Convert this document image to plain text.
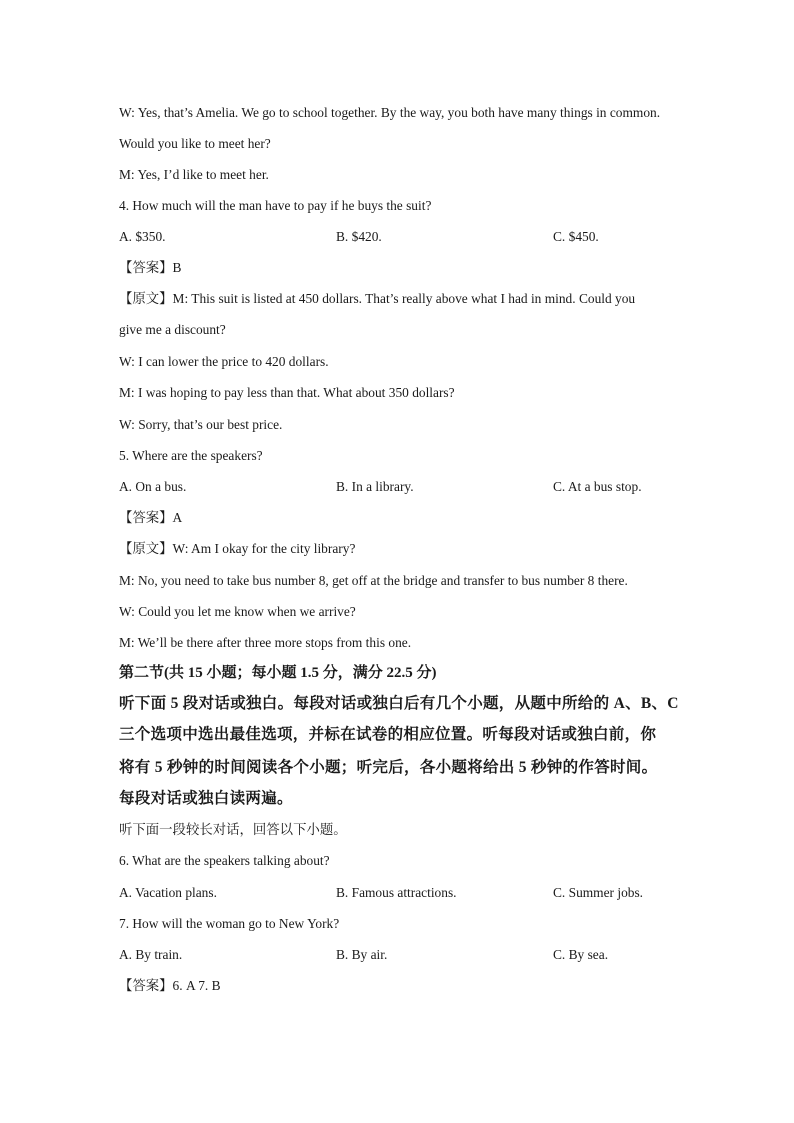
W: Yes, that’s Amelia. We go to school together. By the way, you both have many things in common.
Would you like to meet her?
M: Yes, I’d like to meet her.
4. How much will the man have to pay if he buys the suit?
A. $350.	B. $420.	C. $450.
【答案】B
【原文】M: This suit is listed at 450 dollars. That’s really above what I had in mind. Could you
give me a discount?
W: I can lower the price to 420 dollars.
M: I was hoping to pay less than that. What about 350 dollars?
W: Sorry, that’s our best price.
5. Where are the speakers?
A. On a bus.	B. In a library.	C. At a bus stop.
【答案】A
【原文】W: Am I okay for the city library?
M: No, you need to take bus number 8, get off at the bridge and transfer to bus number 8 there.
W: Could you let me know when we arrive?
M: We’ll be there after three more stops from this one.
第二节(共 15 小题；每小题 1.5 分，满分 22.5 分)
听下面 5 段对话或独白。每段对话或独白后有几个小题，从题中所给的 A、B、C
三个选项中选出最佳选项，并标在试卷的相应位置。听每段对话或独白前，你
将有 5 秒钟的时间阅读各个小题；听完后，各小题将给出 5 秒钟的作答时间。
每段对话或独白读两遍。
听下面一段较长对话，回答以下小题。
6. What are the speakers talking about?
A. Vacation plans.	B. Famous attractions.	C. Summer jobs.
7. How will the woman go to New York?
A. By train.	B. By air.	C. By sea.
【答案】6. A 7. B
